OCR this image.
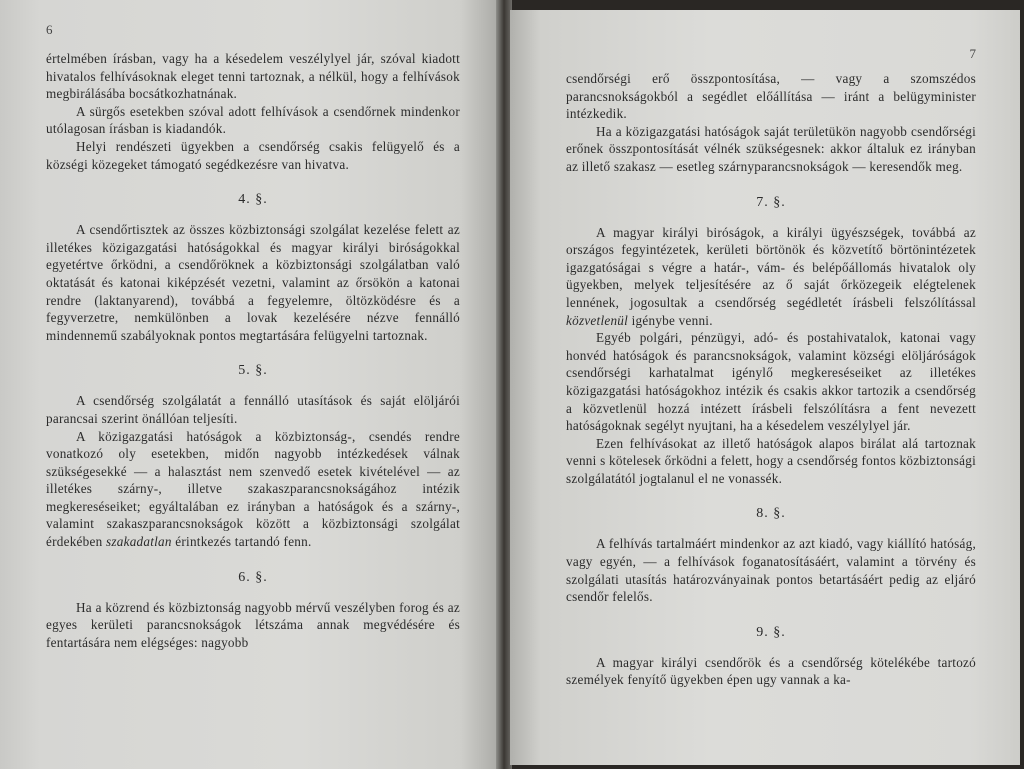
6

értelmében írásban, vagy ha a késedelem veszélylyel jár, szóval kiadott hivatalos felhívásoknak eleget tenni tartoznak, a nélkül, hogy a felhívások megbirálásába bocsátkozhatnának.

A sürgős esetekben szóval adott felhívások a csendőrnek mindenkor utólagosan írásban is kiadandók.

Helyi rendészeti ügyekben a csendőrség csakis felügyelő és a községi közegeket támogató segédkezésre van hivatva.

4. §.

A csendőrtisztek az összes közbiztonsági szolgálat kezelése felett az illetékes közigazgatási hatóságokkal és magyar királyi biróságokkal egyetértve őrködni, a csendőröknek a közbiztonsági szolgálatban való oktatását és katonai kiképzését vezetni, valamint az őrsökön a katonai rendre (laktanyarend), továbbá a fegyelemre, öltözködésre és a fegyverzetre, nemkülönben a lovak kezelésére nézve fennálló mindennemű szabályoknak pontos megtartására felügyelni tartoznak.

5. §.

A csendőrség szolgálatát a fennálló utasítások és saját elöljárói parancsai szerint önállóan teljesíti.

A közigazgatási hatóságok a közbiztonság-, csendés rendre vonatkozó oly esetekben, midőn nagyobb intézkedések válnak szükségesekké — a halasztást nem szenvedő esetek kivételével — az illetékes szárny-, illetve szakaszparancsnokságához intézik megkereséseiket; egyáltalában ez irányban a hatóságok és a szárny-, valamint szakaszparancsnokságok között a közbiztonsági szolgálat érdekében szakadatlan érintkezés tartandó fenn.

6. §.

Ha a közrend és közbiztonság nagyobb mérvű veszélyben forog és az egyes kerületi parancsnokságok létszáma annak megvédésére és fentartására nem elégséges: nagyobb

7

csendőrségi erő összpontosítása, — vagy a szomszédos parancsnokságokból a segédlet előállítása — iránt a belügyminister intézkedik.

Ha a közigazgatási hatóságok saját területükön nagyobb csendőrségi erőnek összpontosítását vélnék szükségesnek: akkor általuk ez irányban az illető szakasz — esetleg szárnyparancsnokságok — keresendők meg.

7. §.

A magyar királyi biróságok, a királyi ügyészségek, továbbá az országos fegyintézetek, kerületi börtönök és közvetítő börtönintézetek igazgatóságai s végre a határ-, vám- és belépőállomás hivatalok oly ügyekben, melyek teljesítésére az ő saját őrközegeik elégtelenek lennének, jogosultak a csendőrség segédletét írásbeli felszólítással közvetlenül igénybe venni.

Egyéb polgári, pénzügyi, adó- és postahivatalok, katonai vagy honvéd hatóságok és parancsnokságok, valamint községi elöljáróságok csendőrségi karhatalmat igénylő megkereséseiket az illetékes közigazgatási hatóságokhoz intézik és csakis akkor tartozik a csendőrség a közvetlenül hozzá intézett írásbeli felszólításra a fent nevezett hatóságoknak segélyt nyujtani, ha a késedelem veszélylyel jár.

Ezen felhívásokat az illető hatóságok alapos birálat alá tartoznak venni s kötelesek őrködni a felett, hogy a csendőrség fontos közbiztonsági szolgálatától jogtalanul el ne vonassék.

8. §.

A felhívás tartalmáért mindenkor az azt kiadó, vagy kiállító hatóság, vagy egyén, — a felhívások foganatosításáért, valamint a törvény és szolgálati utasítás határozványainak pontos betartásáért pedig az eljáró csendőr felelős.

9. §.

A magyar királyi csendőrök és a csendőrség kötelékébe tartozó személyek fenyítő ügyekben épen ugy vannak a ka-
